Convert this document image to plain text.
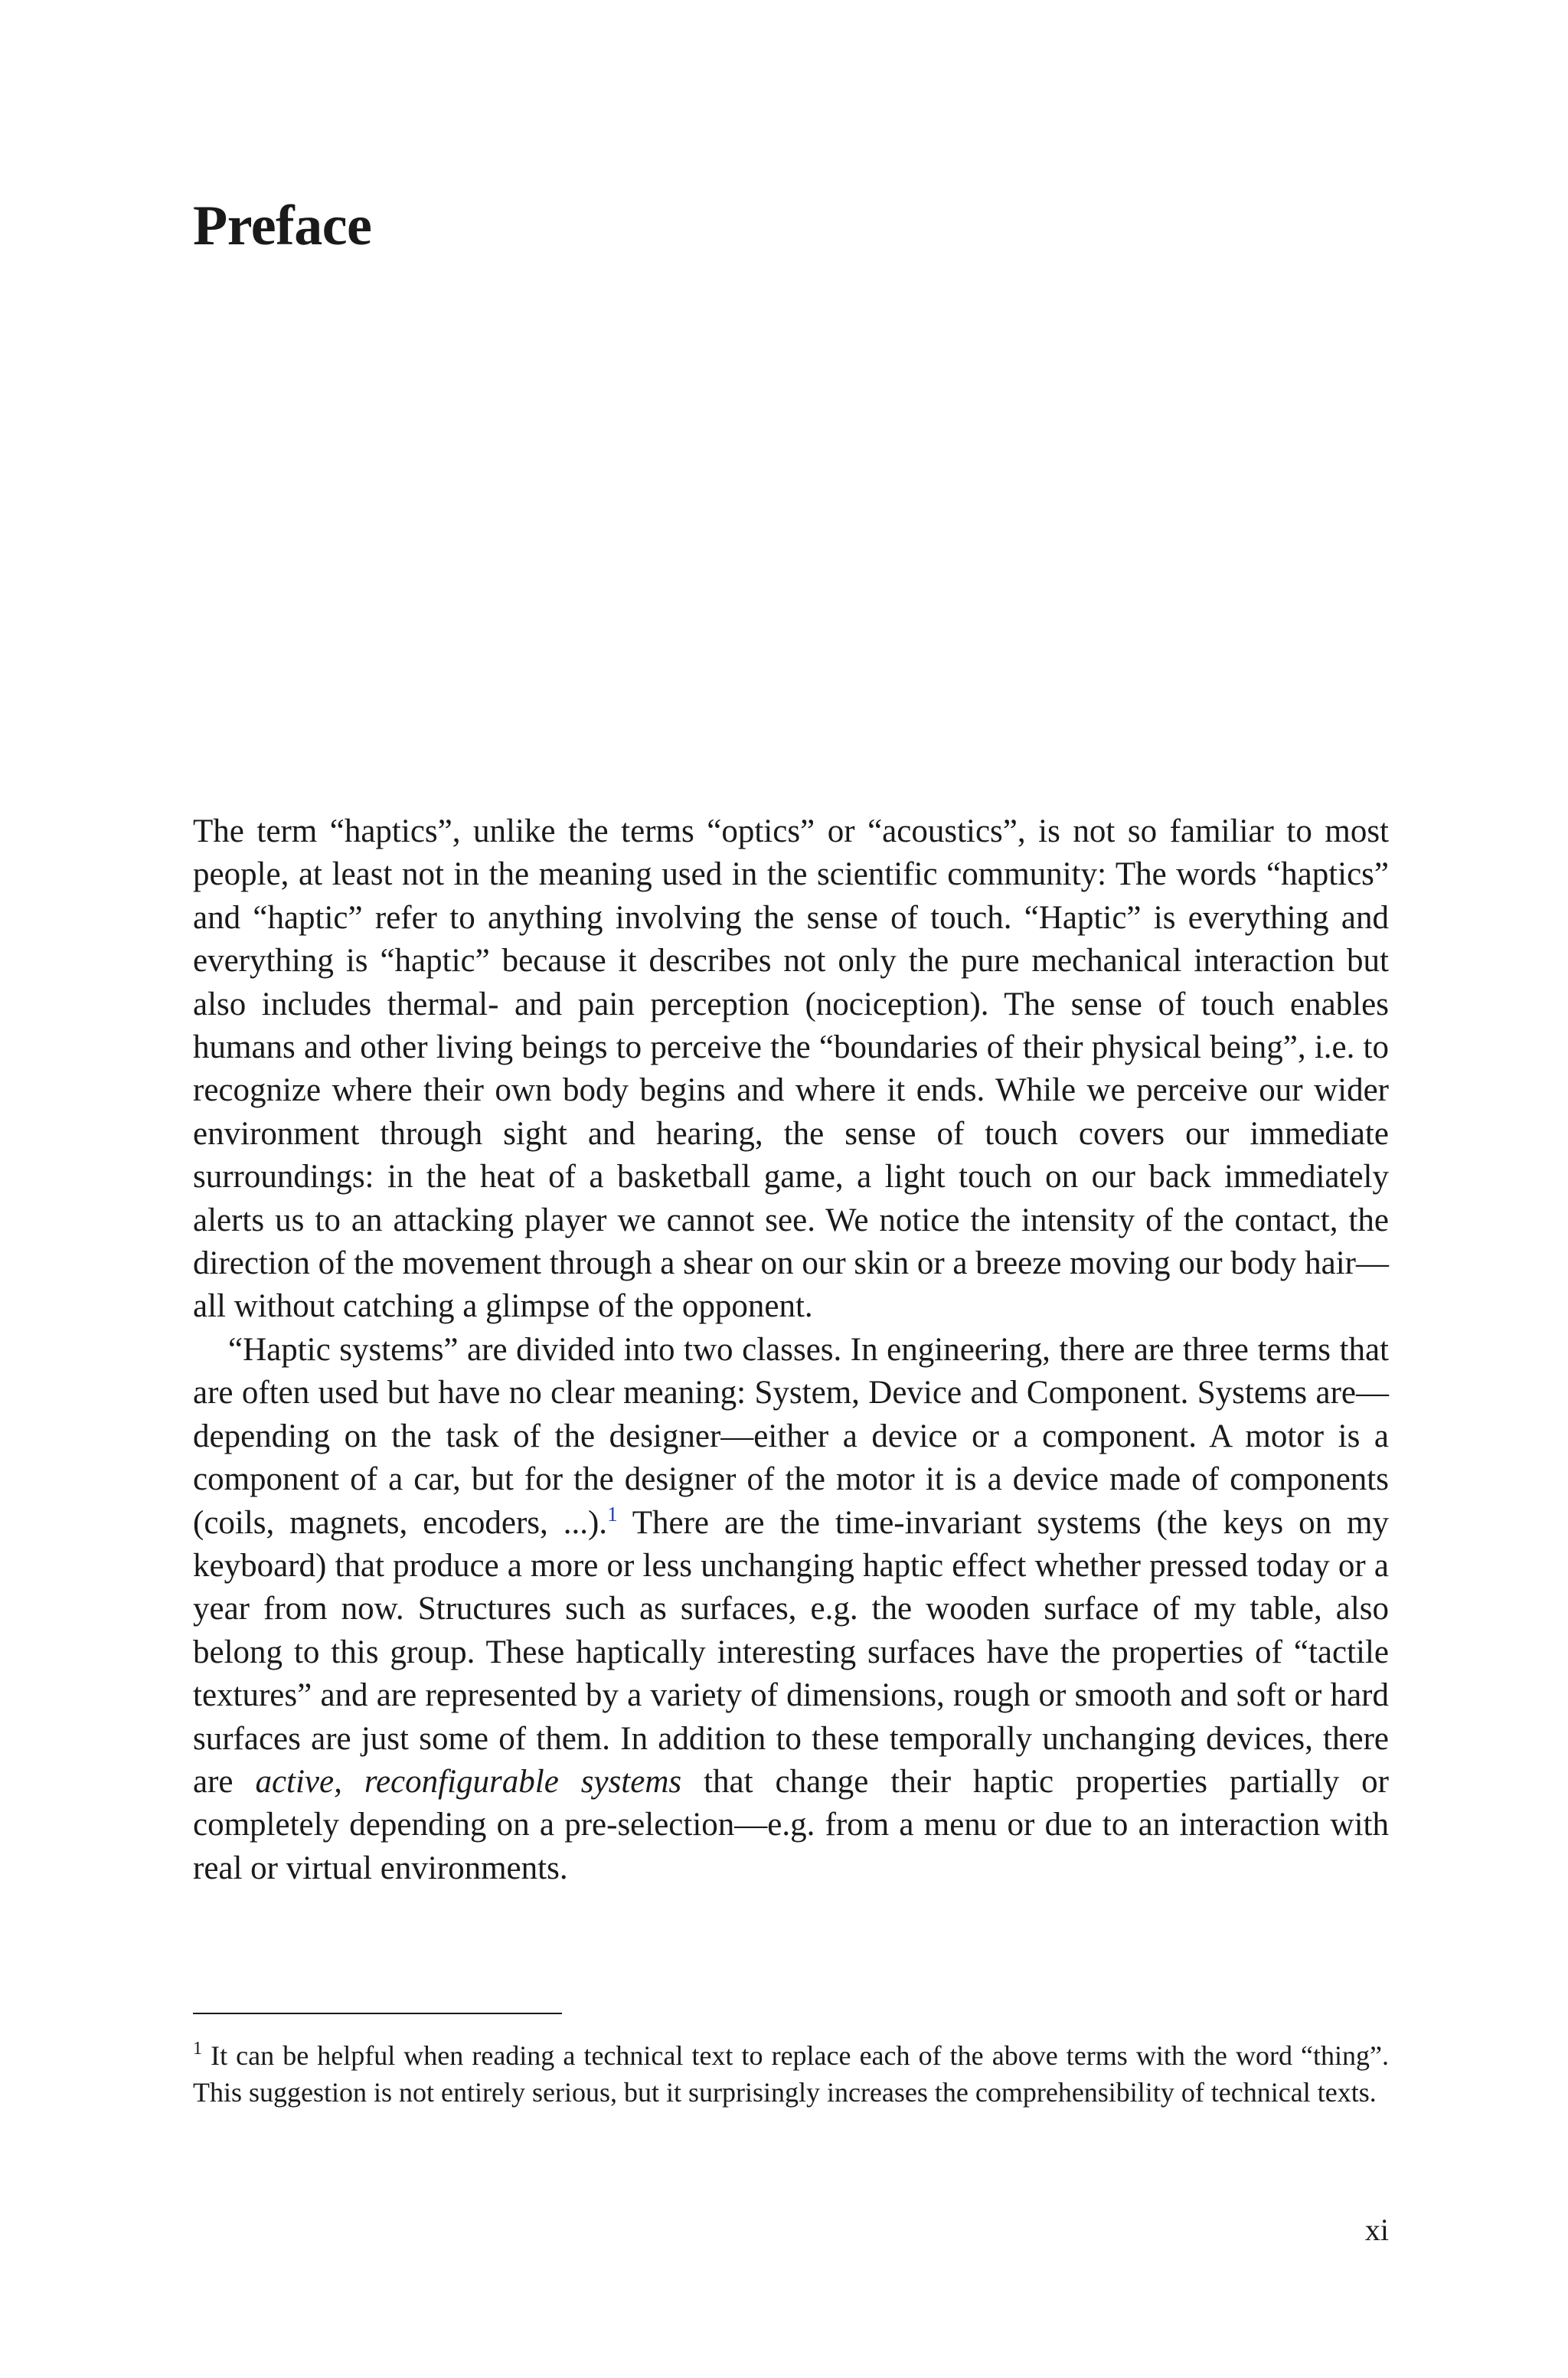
Preface

The term “haptics”, unlike the terms “optics” or “acoustics”, is not so familiar to most people, at least not in the meaning used in the scientific community: The words “haptics” and “haptic” refer to anything involving the sense of touch. “Haptic” is everything and everything is “haptic” because it describes not only the pure mechanical interaction but also includes thermal- and pain perception (nociception). The sense of touch enables humans and other living beings to perceive the “boundaries of their physical being”, i.e. to recognize where their own body begins and where it ends. While we perceive our wider environment through sight and hearing, the sense of touch covers our immediate surroundings: in the heat of a basketball game, a light touch on our back immediately alerts us to an attacking player we cannot see. We notice the intensity of the contact, the direction of the movement through a shear on our skin or a breeze moving our body hair—all without catching a glimpse of the opponent.

“Haptic systems” are divided into two classes. In engineering, there are three terms that are often used but have no clear meaning: System, Device and Component. Systems are—depending on the task of the designer—either a device or a component. A motor is a component of a car, but for the designer of the motor it is a device made of components (coils, magnets, encoders, ...).$^1$ There are the time-invariant systems (the keys on my keyboard) that produce a more or less unchanging haptic effect whether pressed today or a year from now. Structures such as surfaces, e.g. the wooden surface of my table, also belong to this group. These haptically interesting surfaces have the properties of “tactile textures” and are represented by a variety of dimensions, rough or smooth and soft or hard surfaces are just some of them. In addition to these temporally unchanging devices, there are active, reconfigurable systems that change their haptic properties partially or completely depending on a pre-selection—e.g. from a menu or due to an interaction with real or virtual environments.

$^1$ It can be helpful when reading a technical text to replace each of the above terms with the word “thing”. This suggestion is not entirely serious, but it surprisingly increases the comprehensibility of technical texts.

xi
